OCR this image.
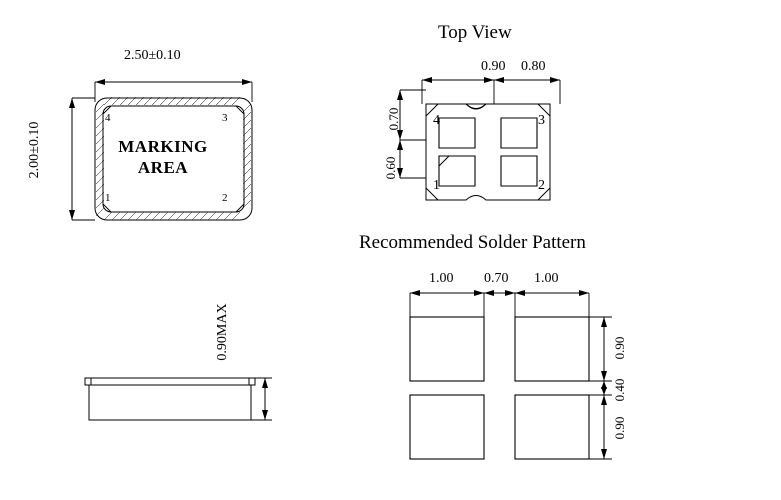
2.50±0.10
2.00±0.10	MARKING
AREA
1	2
3
4
0.90MAX
Top View
0.90 0.80
0.70
0.60
4	3
1	2
Recommended Solder Pattern
1.00 0.70 1.00
0.90
0.40
0.90
